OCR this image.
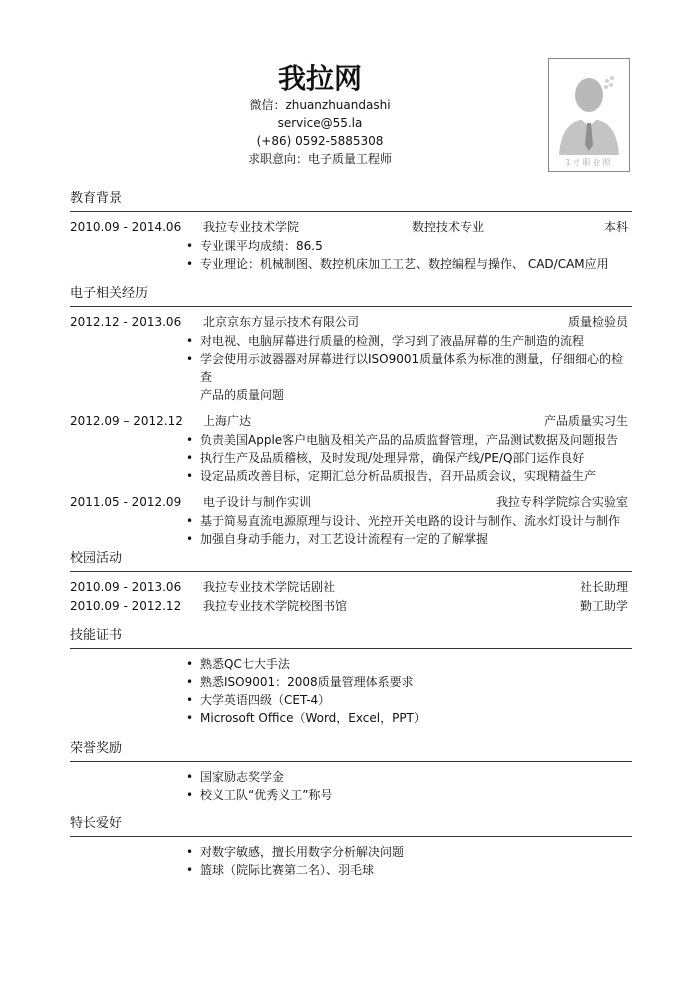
我拉网
微信：zhuanzhuandashi
service@55.la
(+86) 0592-5885308
求职意向：电子质量工程师	1寸职业照
教育背景
2010.09 - 2014.06 我拉专业技术学院	数控技术专业	本科
• 专业课平均成绩：86.5
• 专业理论：机械制图、数控机床加工工艺、数控编程与操作、 CAD/CAM应用
电子相关经历
2012.12 - 2013.06 北京京东方显示技术有限公司	质量检验员
• 对电视、电脑屏幕进行质量的检测，学习到了液晶屏幕的生产制造的流程
• 学会使用示波器器对屏幕进行以ISO9001质量体系为标准的测量，仔细细心的检查
产品的质量问题
2012.09 – 2012.12 上海广达	产品质量实习生
• 负责美国Apple客户电脑及相关产品的品质监督管理，产品测试数据及问题报告
• 执行生产及品质稽核，及时发现/处理异常，确保产线/PE/Q部门运作良好
• 设定品质改善目标，定期汇总分析品质报告，召开品质会议，实现精益生产
2011.05 - 2012.09 电子设计与制作实训	我拉专科学院综合实验室
• 基于简易直流电源原理与设计、光控开关电路的设计与制作、流水灯设计与制作
• 加强自身动手能力，对工艺设计流程有一定的了解掌握
校园活动
2010.09 - 2013.06 我拉专业技术学院话剧社	社长助理
2010.09 - 2012.12 我拉专业技术学院校图书馆	勤工助学
技能证书
• 熟悉QC七大手法
• 熟悉ISO9001：2008质量管理体系要求
• 大学英语四级（CET-4）
• Microsoft Office（Word，Excel，PPT）
荣誉奖励
• 国家励志奖学金
• 校义工队“优秀义工”称号
特长爱好
• 对数字敏感，擅长用数字分析解决问题
• 篮球（院际比赛第二名）、羽毛球
